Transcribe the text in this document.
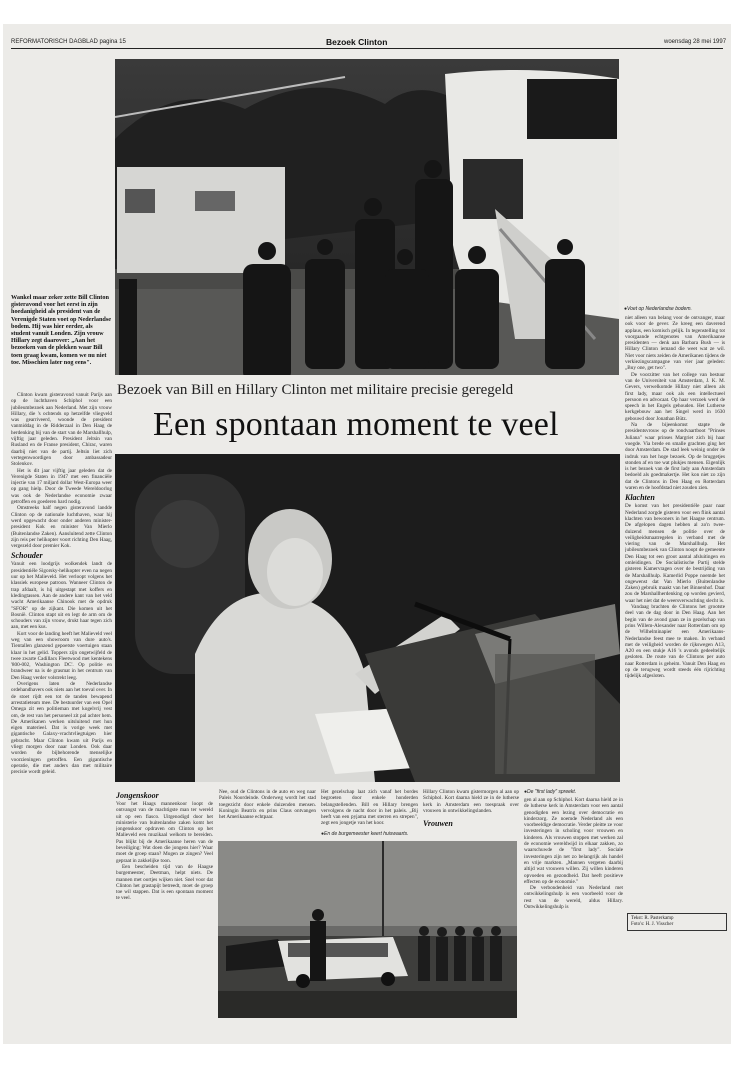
REFORMATORISCH DAGBLAD pagina 15	Bezoek Clinton	woensdag 28 mei 1997
Wankel maar zeker zette Bill Clinton gisteravond voor het eerst in zijn hoedanigheid als president van de Verenigde Staten voet op Nederlandse bodem. Hij was hier eerder, als student vanuit Londen. Zijn vrouw Hillary zegt daarover: „Aan het bezoeken van de plekken waar Bill toen graag kwam, komen we nu niet toe. Misschien later nog eens".
● Voet op Nederlandse bodem.
Bezoek van Bill en Hillary Clinton met militaire precisie geregeld
Een spontaan moment te veel

Clinton kwam gisteravond vanuit Parijs aan op de luchthaven Schiphol voor een jubileumbezoek aan Nederland. Met zijn vrouw Hillary, die 's ochtends op hetzelfde vliegveld was gearriveerd, woonde de president vanmiddag in de Ridderzaal in Den Haag de herdenking bij van de start van de Marshallhulp, vijftig jaar geleden. President Jeltsin van Rusland en de Franse president, Chirac, waren daarbij niet van de partij. Jeltsin liet zich vertegenwoordigen door ambassadeur Stolenkov.

Het is dit jaar vijftig jaar geleden dat de Verenigde Staten in 1947 met een financiële injectie van 17 miljard dollar West-Europa weer op gang hielp. Door de Tweede Wereldoorlog was ook de Nederlandse economie zwaar getroffen en goederen hard nodig.

Omstreeks half negen gisteravond landde Clinton op de nationale luchthaven, waar hij werd opgewacht door onder anderen minister-president Kok en minister Van Mierlo (Buitenlandse Zaken). Aansluitend zette Clinton zijn reis per helikopter voort richting Den Haag, vergezeld door premier Kok.

Schouder

Vanuit een loodgrijs wolkendek landt de presidentiële Sigorsky-helikopter even na negen uur op het Malieveld. Het verloopt volgens het klassiek europese patroon. Wanneer Clinton de trap afdaalt, is hij uitgestapt met koffers en kledingtassen. Aan de andere kant van het veld wacht Amerikaanse Chinook met de opdruk "SFOR" op de zijkant. Die komen uit het Bosnië. Clinton stapt uit en legt de arm om de schouders van zijn vrouw, drukt haar tegen zich aan, met een kus.

Kort voor de landing heeft het Malieveld veel weg van een showroom van dure auto's. Tientallen glanzend gepoetste voertuigen staan klaar in het gelid. Toppers zijn ongetwijfeld de twee zwarte Cadillacs Fleetwood met kentekens '800-002, Washington DC'. Op politie en brandweer na is de grasmat in het centrum van Den Haag verder volstrekt leeg.

Overigens laten de Nederlandse ordehandhavers ook niets aan het toeval over. In de stoet rijdt een tot de tanden bewapend arrestatieteam mee. De bestuurder van een Opel Omega zit een politieman met kogelvrij vest om, de rest van het personeel zit pal achter hem. De Amerikanen werken uitsluitend met hun eigen materieel. Dat is vorige week met gigantische Galaxy-vrachtvliegtuigen hier gebracht. Maar Clinton kwam uit Parijs en vliegt morgen door naar Londen. Ook daar worden de bijbehorende menselijke voorzieningen getroffen. Een gigantische operatie, die met anders dan met militaire precisie wordt geleid.

Jongenskoor

Voor het Haags mannenkoor loopt de ontvangst van de machtigste man ter wereld uit op een fiasco. Uitgenodigd door het ministerie van buitenlandse zaken komt het jongenskoor opdraven om Clinton op het Malieveld een muzikaal welkom te bereiden. Pas blijkt bij de Amerikaanse heren van de beveiliging: Wat doen die jongens hier? Waar moet de groep staan? Mogen ze zingen? Veel gepraat in zakkelijke toon.

Een bescheiden tijd van de Haagse burgemeester, Deetman, helpt niets. De mannen met oortjes wijken niet. Snel voor dat Clinton het grastapijt betreedt, moet de groep toe wil stappen. Dat is een spontaan moment te veel.

Nee, oud de Clintons in de auto en weg naar Paleis Noordeinde. Onderweg wordt het stad toegezicht door enkele duizenden mensen. Koningin Beatrix en prins Claus ontvangen het Amerikaanse echtpaar.

Het gezelschap laat zich vanaf het bordes begroeten door enkele honderden belangstellenden. Bill en Hillary brengen vervolgens de nacht door in het paleis. „Bij heeft van een pyjama met sterren en strepen", zegt een jongetje van het koor.

● En de burgemeester keert huiswaarts.

Hillary Clinton kwam gistermorgen al aan op Schiphol. Kort daarna hield ze in de lutherse kerk in Amsterdam een toespraak over vrouwen in ontwikkelingslanden.

Vrouwen
● De "first lady" spreekt.

gen al aan op Schiphol. Kort daarna hield ze in de lutherse kerk in Amsterdam voor een aantal genodigden een lezing over democratie en kinderzorg. Ze noemde Nederland als een voorbeeldige democratie. Verder pleitte ze voor investeringen in scholing voor vrouwen en kinderen. Als vrouwen stoppen met werken zal de economie wereldwijd in elkaar zakken, zo waarschuwde de "first lady". Sociale investeringen zijn net zo belangrijk als handel en vrije markten. „Mannen vergeten daarbij altijd wat vrouwen willen. Zij willen kinderen opvoeden en gezondheid. Dat heeft positieve effecten op de economie."

De verbondenheid van Nederland met ontwikkelingshulp is een voorbeeld voor de rest van de wereld, aldus Hillary. Ontwikkelingshulp is

niet alleen van belang voor de ontvanger, maar ook voor de gever. Ze kreeg een daverend applaus, een komisch gelijk. In tegenstelling tot voorgaande echtgenotes van Amerikaanse presidenten — denk aan Barbara Bush — is Hillary Clinton iemand die weet wat ze wil. Niet voor niets zeiden de Amerikanen tijdens de verkiezingscampagne van vier jaar geleden: „Buy one, get two".

De voorzitter van het college van bestuur van de Universiteit van Amsterdam, J. K. M. Gevers, verwelkomde Hillary niet alleen als first lady, maar ook als een intellectueel persoon en advocaat. Op haar verzoek werd de speech in het Engels gehouden. Het Lutherse kerkgebouw aan het Singel werd in 1630 gebouwd door Jonathan Bütz.

Na de bijeenkomst stapte de presidentsvrouw op de rondvaartboot "Prinses Juliana" waar prinses Margriet zich bij haar voegde. Via brede en smalle grachten ging het door Amsterdam. De stad leek weinig onder de indruk van het hoge bezoek. Op de bruggetjes stonden af en toe wat plukjes mensen. Eigenlijk is het bezoek van de first lady aan Amsterdam bedoeld als goedmakertje. Het kon niet zo zijn dat de Clintons in Den Haag en Rotterdam waren en de hoofdstad niet zouden zien.

Klachten

De komst van het presidentiële paar naar Nederland zorgde gisteren voor een flink aantal klachten van bewoners in het Haagse centrum. De afgelopen dagen hebben al zo'n tweeduizend mensen de politie over de veiligheidsmaatregelen in verband met de viering van de Marshallhulp. Het jubileumbezoek van Clinton noopt de gemeente Den Haag tot een groot aantal afsluitingen en omleidingen. De Socialistische Partij stelde gisteren Kamervragen over de bestrijding van de Marshallhulp. Kamerlid Poppe noemde het ongewenst dat Van Mierlo (Buitenlandse Zaken) gebruik maakt van het Binnenhof. Daar zou de Marshallherdenking op worden gevierd, waar het niet dat de weersverwachting slecht is.

Vandaag brachten de Clintons het grootste deel van de dag door in Den Haag. Aan het begin van de avond gaan ze in gezelschap van prins Willem-Alexander naar Rotterdam om op de Wilhelminapier een Amerikaans-Nederlandse feest mee te maken. In verband met de veiligheid worden de rijkswegen A13, A20 en een stukje A16 's avonds gedeeltelijk gesloten. De route van de Clintons per auto naar Rotterdam is geheim. Vanuit Den Haag en op de terugweg wordt steeds één rijrichting tijdelijk afgesloten.

Tekst: R. Pasterkamp
Foto's: H. J. Visscher
